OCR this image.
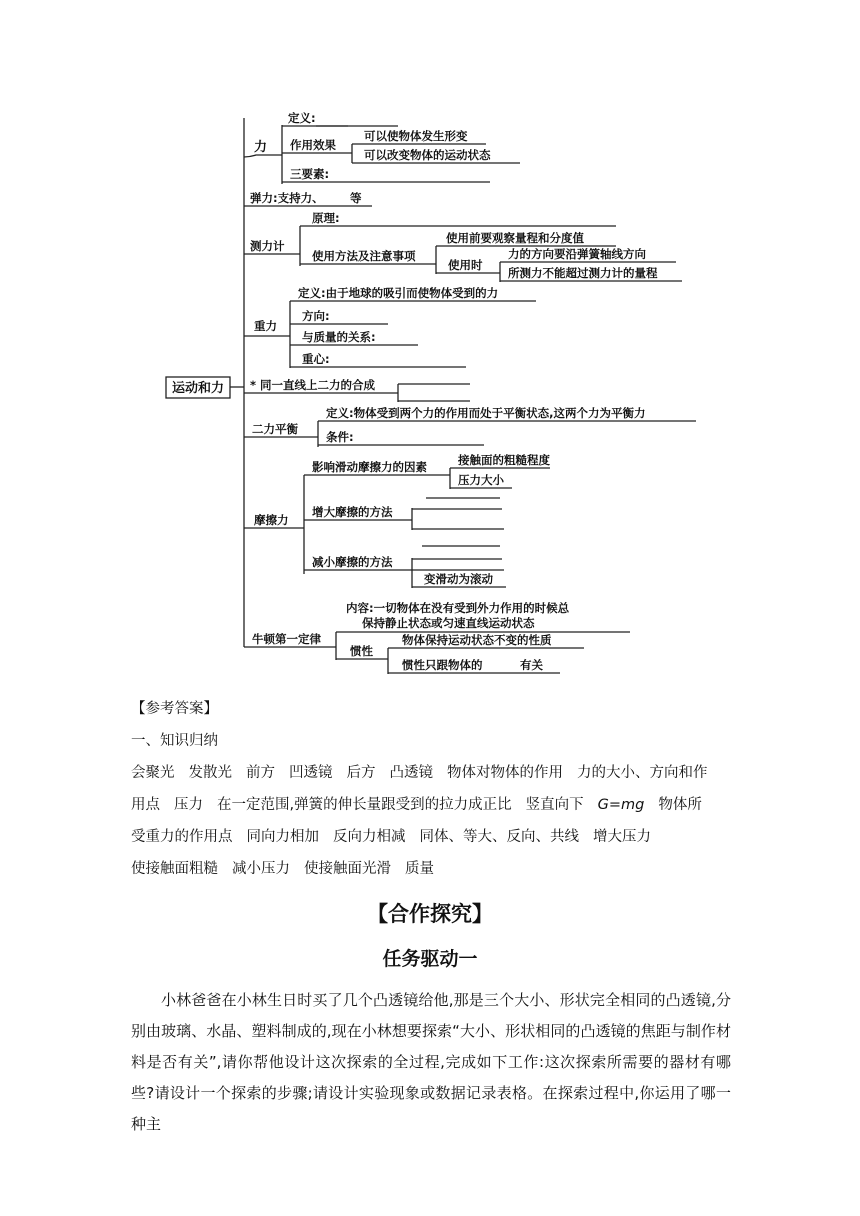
运动和力
力
定义:
作用效果
可以使物体发生形变
可以改变物体的运动状态
三要素:
弹力:支持力、 等
测力计
原理:
使用方法及注意事项
使用前要观察量程和分度值
使用时
力的方向要沿弹簧轴线方向
所测力不能超过测力计的量程
重力
定义:由于地球的吸引而使物体受到的力
方向:
与质量的关系:
重心:
* 同一直线上二力的合成
二力平衡
定义:物体受到两个力的作用而处于平衡状态,这两个力为平衡力
条件:
摩擦力
影响滑动摩擦力的因素	接触面的粗糙程度
压力大小
增大摩擦的方法
减小摩擦的方法
变滑动为滚动
牛顿第一定律
内容:一切物体在没有受到外力作用的时候总
保持静止状态或匀速直线运动状态
惯性
物体保持运动状态不变的性质
惯性只跟物体的	有关
【参考答案】
一、知识归纳
会聚光 发散光 前方 凹透镜 后方 凸透镜 物体对物体的作用 力的大小、方向和作
用点 压力 在一定范围,弹簧的伸长量跟受到的拉力成正比 竖直向下 G=mg 物体所
受重力的作用点 同向力相加 反向力相减 同体、等大、反向、共线 增大压力
使接触面粗糙 减小压力 使接触面光滑 质量
【合作探究】
任务驱动一
小林爸爸在小林生日时买了几个凸透镜给他,那是三个大小、形状完全相同的凸透镜,分别由玻璃、水晶、塑料制成的,现在小林想要探索“大小、形状相同的凸透镜的焦距与制作材料是否有关”,请你帮他设计这次探索的全过程,完成如下工作:这次探索所需要的器材有哪些?请设计一个探索的步骤;请设计实验现象或数据记录表格。在探索过程中,你运用了哪一种主
